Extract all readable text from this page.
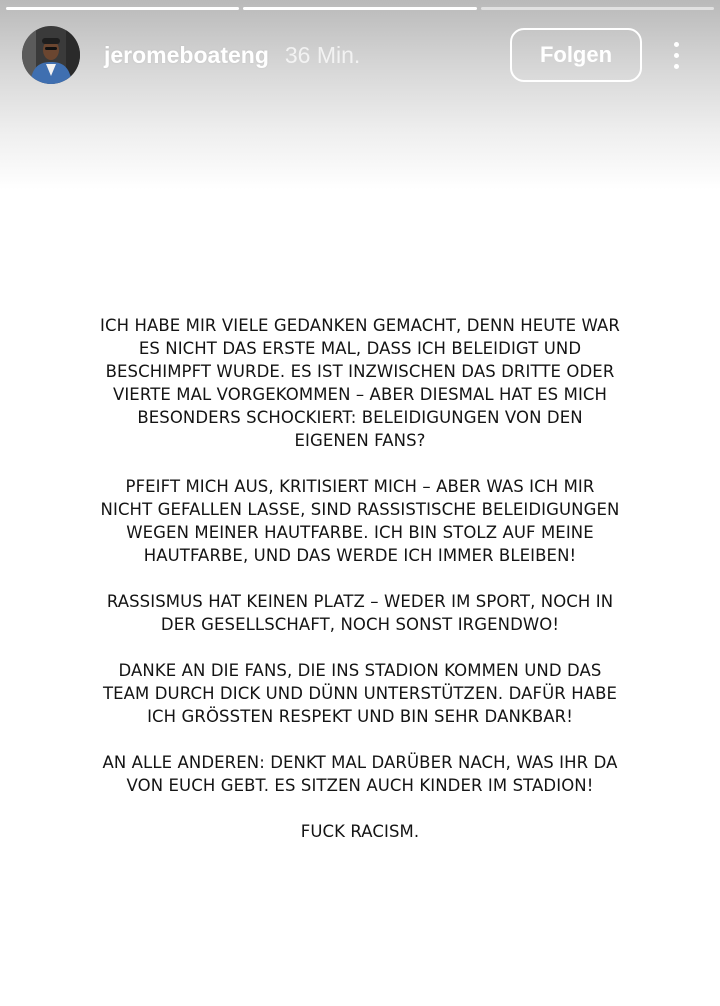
jeromeboateng 36 Min.	Folgen

ICH HABE MIR VIELE GEDANKEN GEMACHT, DENN HEUTE WAR ES NICHT DAS ERSTE MAL, DASS ICH BELEIDIGT UND BESCHIMPFT WURDE. ES IST INZWISCHEN DAS DRITTE ODER VIERTE MAL VORGEKOMMEN – ABER DIESMAL HAT ES MICH BESONDERS SCHOCKIERT: BELEIDIGUNGEN VON DEN EIGENEN FANS?

PFEIFT MICH AUS, KRITISIERT MICH – ABER WAS ICH MIR NICHT GEFALLEN LASSE, SIND RASSISTISCHE BELEIDIGUNGEN WEGEN MEINER HAUTFARBE. ICH BIN STOLZ AUF MEINE HAUTFARBE, UND DAS WERDE ICH IMMER BLEIBEN!

RASSISMUS HAT KEINEN PLATZ – WEDER IM SPORT, NOCH IN DER GESELLSCHAFT, NOCH SONST IRGENDWO!

DANKE AN DIE FANS, DIE INS STADION KOMMEN UND DAS TEAM DURCH DICK UND DÜNN UNTERSTÜTZEN. DAFÜR HABE ICH GRÖSSTEN RESPEKT UND BIN SEHR DANKBAR!

AN ALLE ANDEREN: DENKT MAL DARÜBER NACH, WAS IHR DA VON EUCH GEBT. ES SITZEN AUCH KINDER IM STADION!

FUCK RACISM.
